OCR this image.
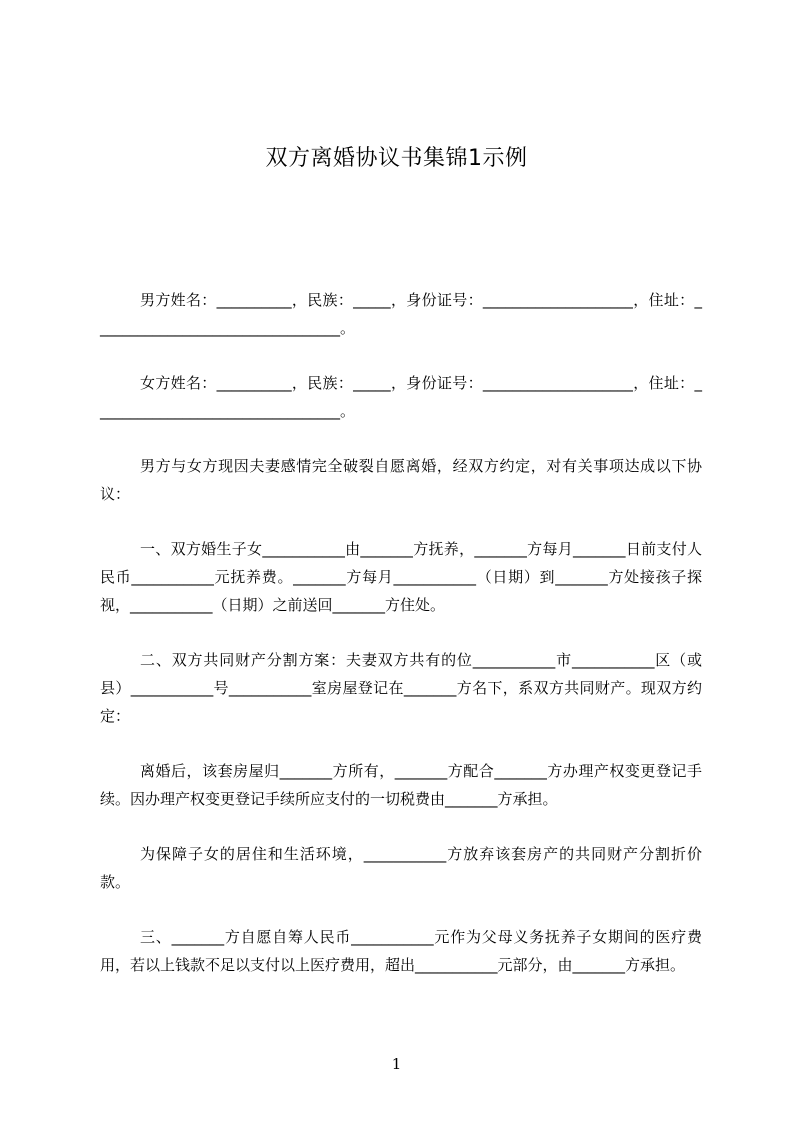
双方离婚协议书集锦1示例

男方姓名：__________，民族：_____，身份证号：____________________，住址：_________________________________。

女方姓名：__________，民族：_____，身份证号：____________________，住址：_________________________________。

男方与女方现因夫妻感情完全破裂自愿离婚，经双方约定，对有关事项达成以下协议：

一、双方婚生子女___________由_______方抚养，_______方每月_______日前支付人民币___________元抚养费。_______方每月___________（日期）到_______方处接孩子探视，___________（日期）之前送回_______方住处。

二、双方共同财产分割方案：夫妻双方共有的位___________市___________区（或县）___________号___________室房屋登记在_______方名下，系双方共同财产。现双方约定：

离婚后，该套房屋归_______方所有，_______方配合_______方办理产权变更登记手续。因办理产权变更登记手续所应支付的一切税费由_______方承担。

为保障子女的居住和生活环境，___________方放弃该套房产的共同财产分割折价款。

三、_______方自愿自筹人民币___________元作为父母义务抚养子女期间的医疗费用，若以上钱款不足以支付以上医疗费用，超出___________元部分，由_______方承担。

1
